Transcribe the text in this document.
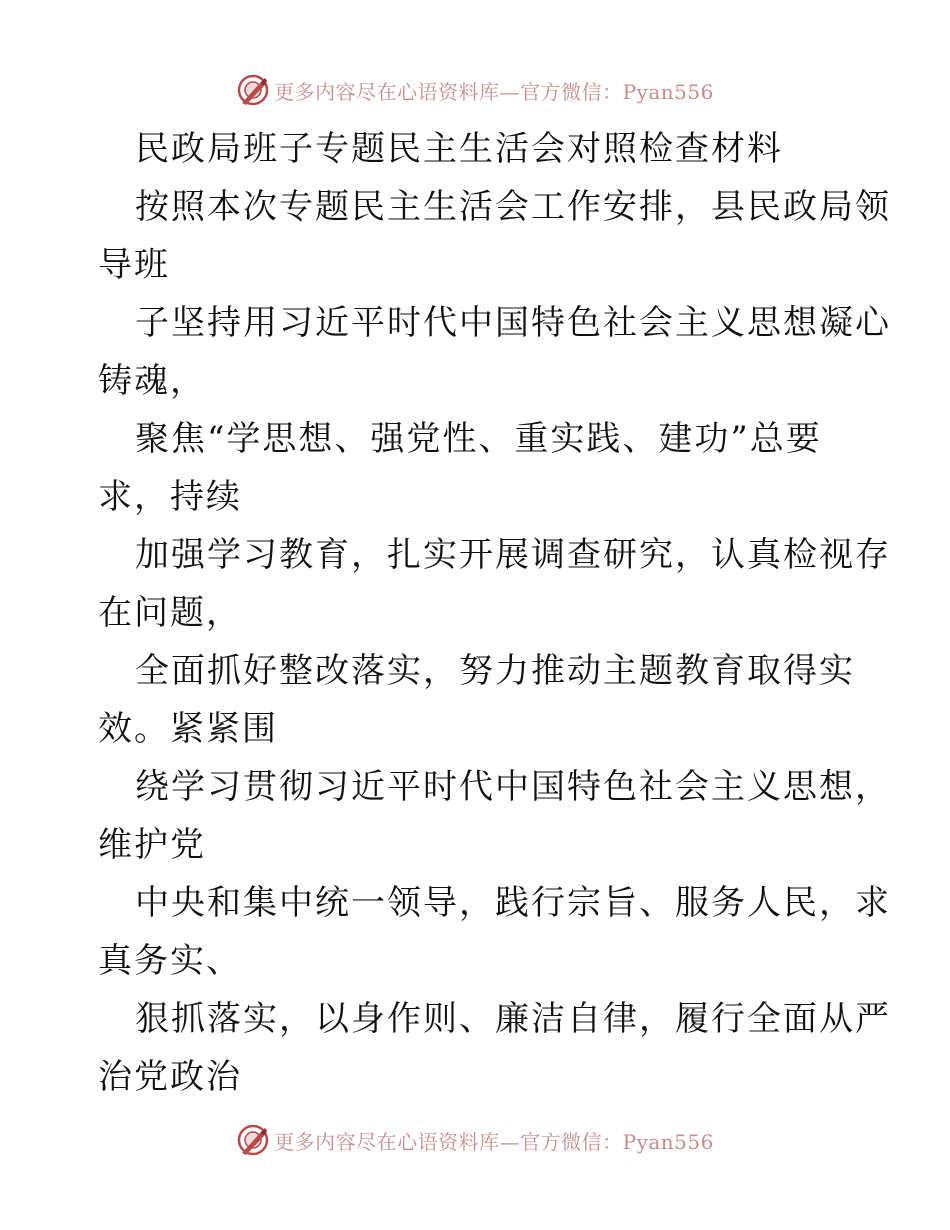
更多内容尽在心语资料库—官方微信：Pyan556
民政局班子专题民主生活会对照检查材料
按照本次专题民主生活会工作安排，县民政局领
导班
子坚持用习近平时代中国特色社会主义思想凝心
铸魂，
聚焦“学思想、强党性、重实践、建功”总要
求，持续
加强学习教育，扎实开展调查研究，认真检视存
在问题，
全面抓好整改落实，努力推动主题教育取得实
效。紧紧围
绕学习贯彻习近平时代中国特色社会主义思想，
维护党
中央和集中统一领导，践行宗旨、服务人民，求
真务实、
狠抓落实，以身作则、廉洁自律，履行全面从严
治党政治
更多内容尽在心语资料库—官方微信：Pyan556
